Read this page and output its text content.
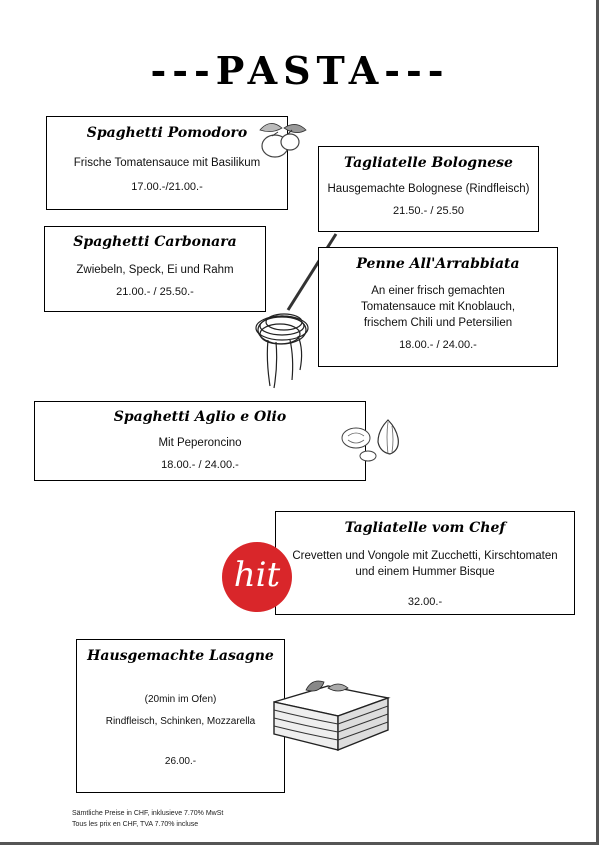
---PASTA---
Spaghetti Pomodoro
Frische Tomatensauce mit Basilikum
17.00.-/21.00.-
Tagliatelle Bolognese
Hausgemachte Bolognese (Rindfleisch)
21.50.- / 25.50
Spaghetti Carbonara
Zwiebeln, Speck, Ei und Rahm
21.00.- / 25.50.-
Penne All'Arrabbiata
An einer frisch gemachten
Tomatensauce mit Knoblauch,
frischem Chili und Petersilien
18.00.- / 24.00.-
Spaghetti Aglio e Olio
Mit Peperoncino
18.00.- / 24.00.-
Tagliatelle vom Chef
Crevetten und Vongole mit Zucchetti, Kirschtomaten
und einem Hummer Bisque
32.00.-
hit
Hausgemachte Lasagne
(20min im Ofen)
Rindfleisch, Schinken, Mozzarella
26.00.-
Sämtliche Preise in CHF, inklusieve 7.70% MwSt
Tous les prix en CHF, TVA 7.70% incluse
